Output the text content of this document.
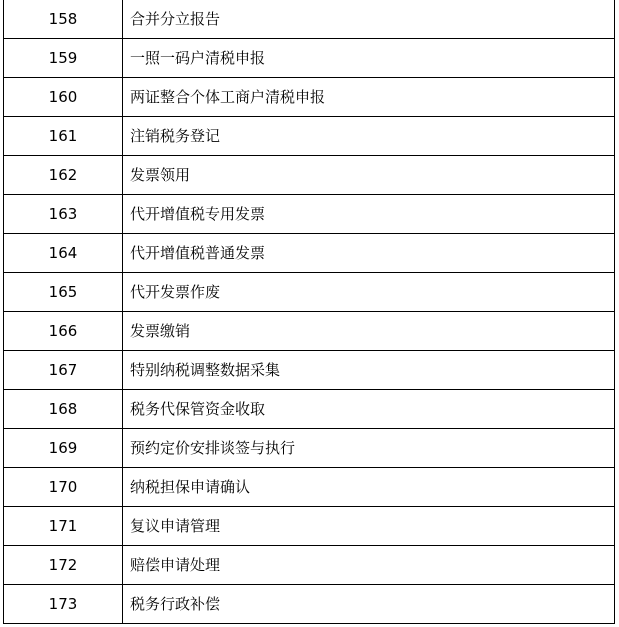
158	合并分立报告
159	一照一码户清税申报
160	两证整合个体工商户清税申报
161	注销税务登记
162	发票领用
163	代开增值税专用发票
164	代开增值税普通发票
165	代开发票作废
166	发票缴销
167	特别纳税调整数据采集
168	税务代保管资金收取
169	预约定价安排谈签与执行
170	纳税担保申请确认
171	复议申请管理
172	赔偿申请处理
173	税务行政补偿
